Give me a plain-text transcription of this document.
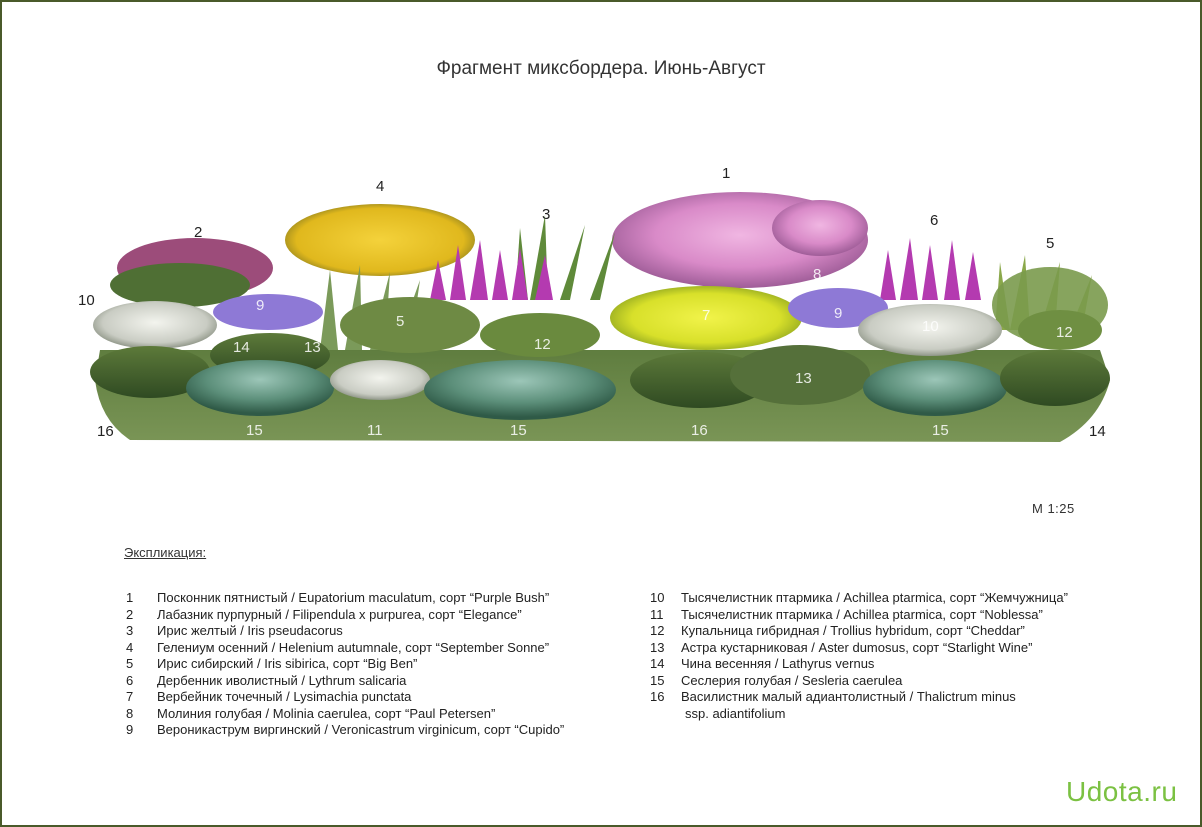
Фрагмент миксбордера. Июнь-Август
1
2
3
4
5
6
10
16	14
8	6
9
14	13
5
12
7
8
9
10	12
13
15	11	15	16	15
М 1:25
Экспликация:
1	Посконник пятнистый / Eupatorium maculatum, сорт “Purple Bush”
2	Лабазник пурпурный / Filipendula x purpurea, сорт “Elegance”
3	Ирис желтый / Iris pseudacorus
4	Гелениум осенний / Helenium autumnale, сорт “September Sonne”
5	Ирис сибирский / Iris sibirica, сорт “Big Ben”
6	Дербенник иволистный / Lythrum salicaria
7	Вербейник точечный / Lysimachia punctata
8	Молиния голубая / Molinia caerulea, сорт “Paul Petersen”
9	Вероникаструм виргинский / Veronicastrum virginicum, сорт “Cupido”
10	Тысячелистник птармика / Achillea ptarmica, сорт “Жемчужница”
11	Тысячелистник птармика / Achillea ptarmica, сорт “Noblessa”
12	Купальница гибридная / Trollius hybridum, сорт “Cheddar”
13	Астра кустарниковая / Aster dumosus, сорт “Starlight Wine”
14	Чина весенняя / Lathyrus vernus
15	Сеслерия голубая / Sesleria caerulea
16	Василистник малый адиантолистный / Thalictrum minus
ssp. adiantifolium
Udota.ru
